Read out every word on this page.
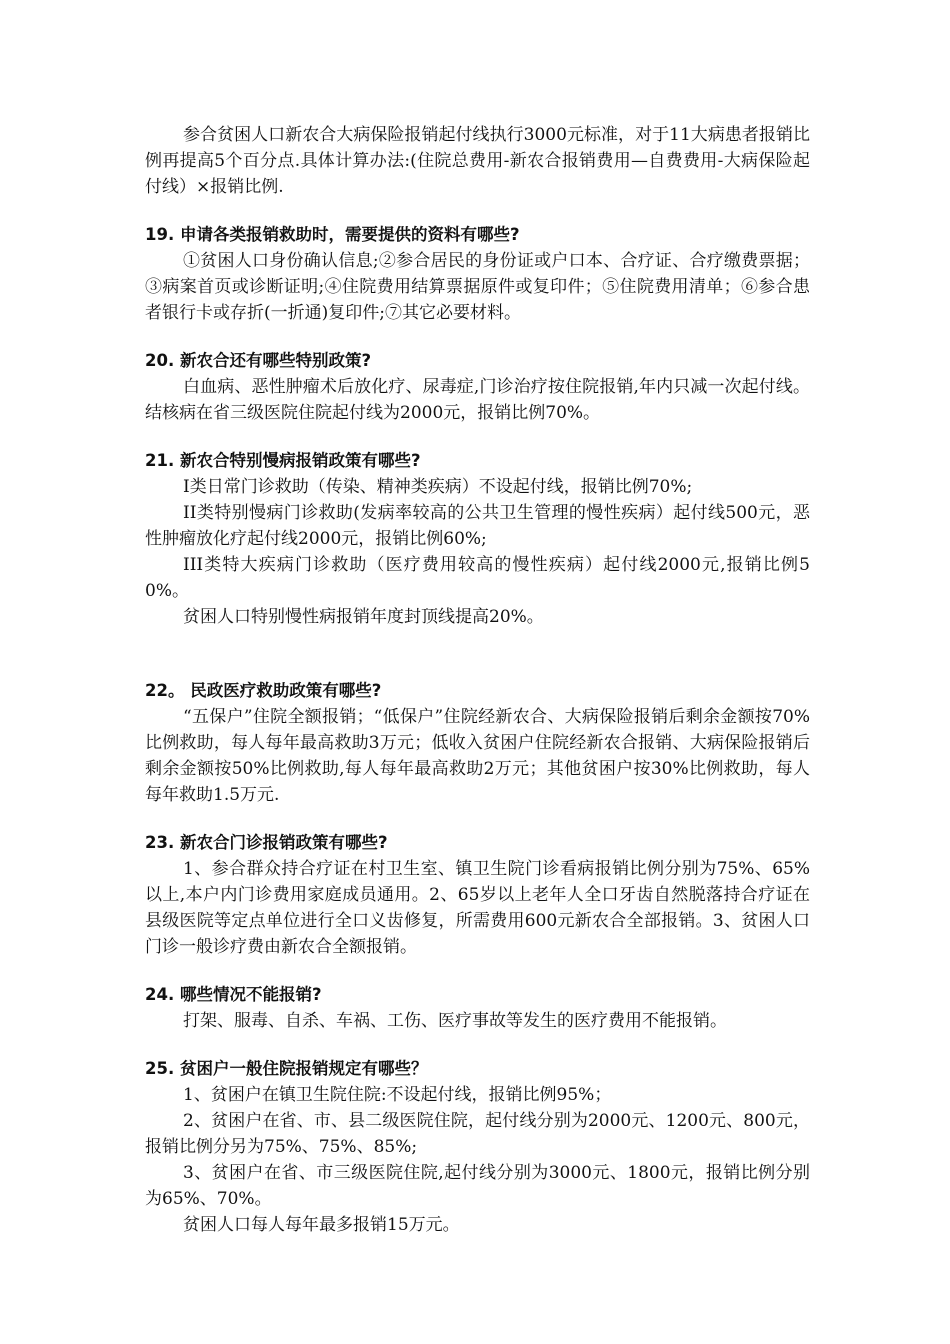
参合贫困人口新农合大病保险报销起付线执行3000元标准，对于11大病患者报销比例再提高5个百分点.具体计算办法:(住院总费用-新农合报销费用—自费费用-大病保险起付线）×报销比例.

19. 申请各类报销救助时，需要提供的资料有哪些?

①贫困人口身份确认信息;②参合居民的身份证或户口本、合疗证、合疗缴费票据；③病案首页或诊断证明;④住院费用结算票据原件或复印件；⑤住院费用清单；⑥参合患者银行卡或存折(一折通)复印件;⑦其它必要材料。

20. 新农合还有哪些特别政策?

白血病、恶性肿瘤术后放化疗、尿毒症,门诊治疗按住院报销,年内只减一次起付线。结核病在省三级医院住院起付线为2000元，报销比例70%。

21. 新农合特别慢病报销政策有哪些?

I类日常门诊救助（传染、精神类疾病）不设起付线，报销比例70%;

II类特别慢病门诊救助(发病率较高的公共卫生管理的慢性疾病）起付线500元，恶性肿瘤放化疗起付线2000元，报销比例60%;

III类特大疾病门诊救助（医疗费用较高的慢性疾病）起付线2000元,报销比例50%。

贫困人口特别慢性病报销年度封顶线提高20%。

22。 民政医疗救助政策有哪些?

“五保户”住院全额报销；“低保户”住院经新农合、大病保险报销后剩余金额按70%比例救助，每人每年最高救助3万元；低收入贫困户住院经新农合报销、大病保险报销后剩余金额按50%比例救助,每人每年最高救助2万元；其他贫困户按30%比例救助，每人每年救助1.5万元.

23. 新农合门诊报销政策有哪些?

1、参合群众持合疗证在村卫生室、镇卫生院门诊看病报销比例分别为75%、65%以上,本户内门诊费用家庭成员通用。2、65岁以上老年人全口牙齿自然脱落持合疗证在县级医院等定点单位进行全口义齿修复，所需费用600元新农合全部报销。3、贫困人口门诊一般诊疗费由新农合全额报销。

24. 哪些情况不能报销?

打架、服毒、自杀、车祸、工伤、医疗事故等发生的医疗费用不能报销。

25. 贫困户一般住院报销规定有哪些？

1、贫困户在镇卫生院住院:不设起付线，报销比例95%；

2、贫困户在省、市、县二级医院住院，起付线分别为2000元、1200元、800元，报销比例分另为75%、75%、85%;

3、贫困户在省、市三级医院住院,起付线分别为3000元、1800元，报销比例分别为65%、70%。

贫困人口每人每年最多报销15万元。
